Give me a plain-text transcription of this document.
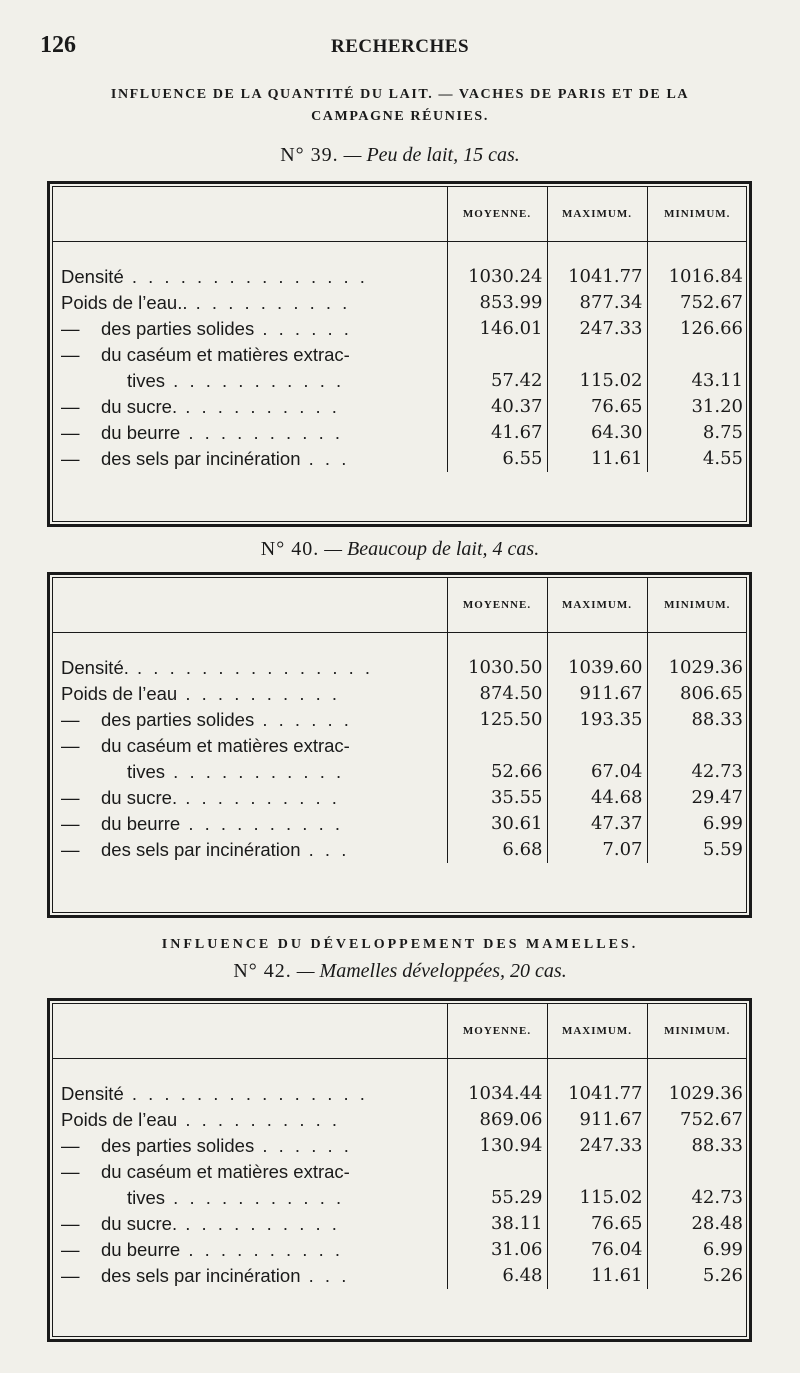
126	RECHERCHES
INFLUENCE DE LA QUANTITÉ DU LAIT. — VACHES DE PARIS ET DE LA
CAMPAGNE RÉUNIES.
N° 39. — Peu de lait, 15 cas.
	MOYENNE.	MAXIMUM.	MINIMUM.

Densité . . . . . . . . . . . . . . .	1030.24	1041.77	1016.84
Poids de l’eau.. . . . . . . . . . .	853.99	877.34	752.67
— des parties solides . . . . . .	146.01	247.33	126.66
— du caséum et matières extrac-			
tives . . . . . . . . . . .	57.42	115.02	43.11
— du sucre. . . . . . . . . . .	40.37	76.65	31.20
— du beurre . . . . . . . . . .	41.67	64.30	8.75
— des sels par incinération . . .	6.55	11.61	4.55
N° 40. — Beaucoup de lait, 4 cas.
	MOYENNE.	MAXIMUM.	MINIMUM.

Densité. . . . . . . . . . . . . . . .	1030.50	1039.60	1029.36
Poids de l’eau . . . . . . . . . .	874.50	911.67	806.65
— des parties solides . . . . . .	125.50	193.35	88.33
— du caséum et matières extrac-			
tives . . . . . . . . . . .	52.66	67.04	42.73
— du sucre. . . . . . . . . . .	35.55	44.68	29.47
— du beurre . . . . . . . . . .	30.61	47.37	6.99
— des sels par incinération . . .	6.68	7.07	5.59
INFLUENCE DU DÉVELOPPEMENT DES MAMELLES.
N° 42. — Mamelles développées, 20 cas.
	MOYENNE.	MAXIMUM.	MINIMUM.

Densité . . . . . . . . . . . . . . .	1034.44	1041.77	1029.36
Poids de l’eau . . . . . . . . . .	869.06	911.67	752.67
— des parties solides . . . . . .	130.94	247.33	88.33
— du caséum et matières extrac-			
tives . . . . . . . . . . .	55.29	115.02	42.73
— du sucre. . . . . . . . . . .	38.11	76.65	28.48
— du beurre . . . . . . . . . .	31.06	76.04	6.99
— des sels par incinération . . .	6.48	11.61	5.26
